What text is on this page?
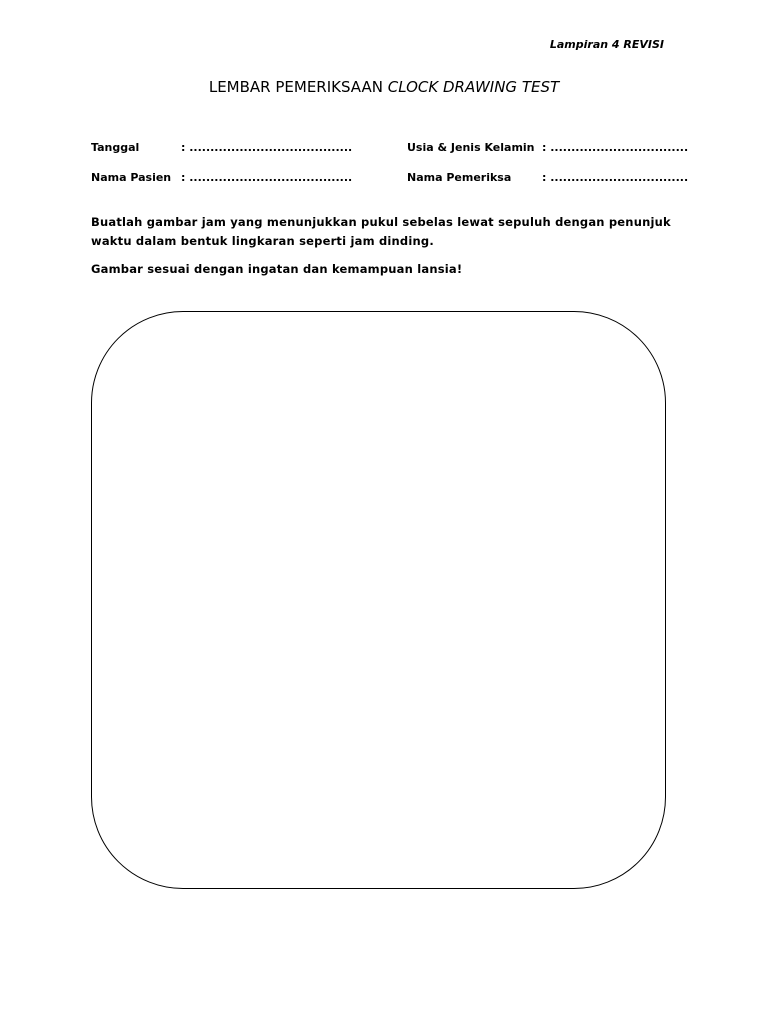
Lampiran 4 REVISI
LEMBAR PEMERIKSAAN CLOCK DRAWING TEST
Tanggal	: .......................................	Usia & Jenis Kelamin : .................................
Nama Pasien : .......................................	Nama Pemeriksa	: .................................
Buatlah gambar jam yang menunjukkan pukul sebelas lewat sepuluh dengan penunjuk waktu dalam bentuk lingkaran seperti jam dinding.
Gambar sesuai dengan ingatan dan kemampuan lansia!
